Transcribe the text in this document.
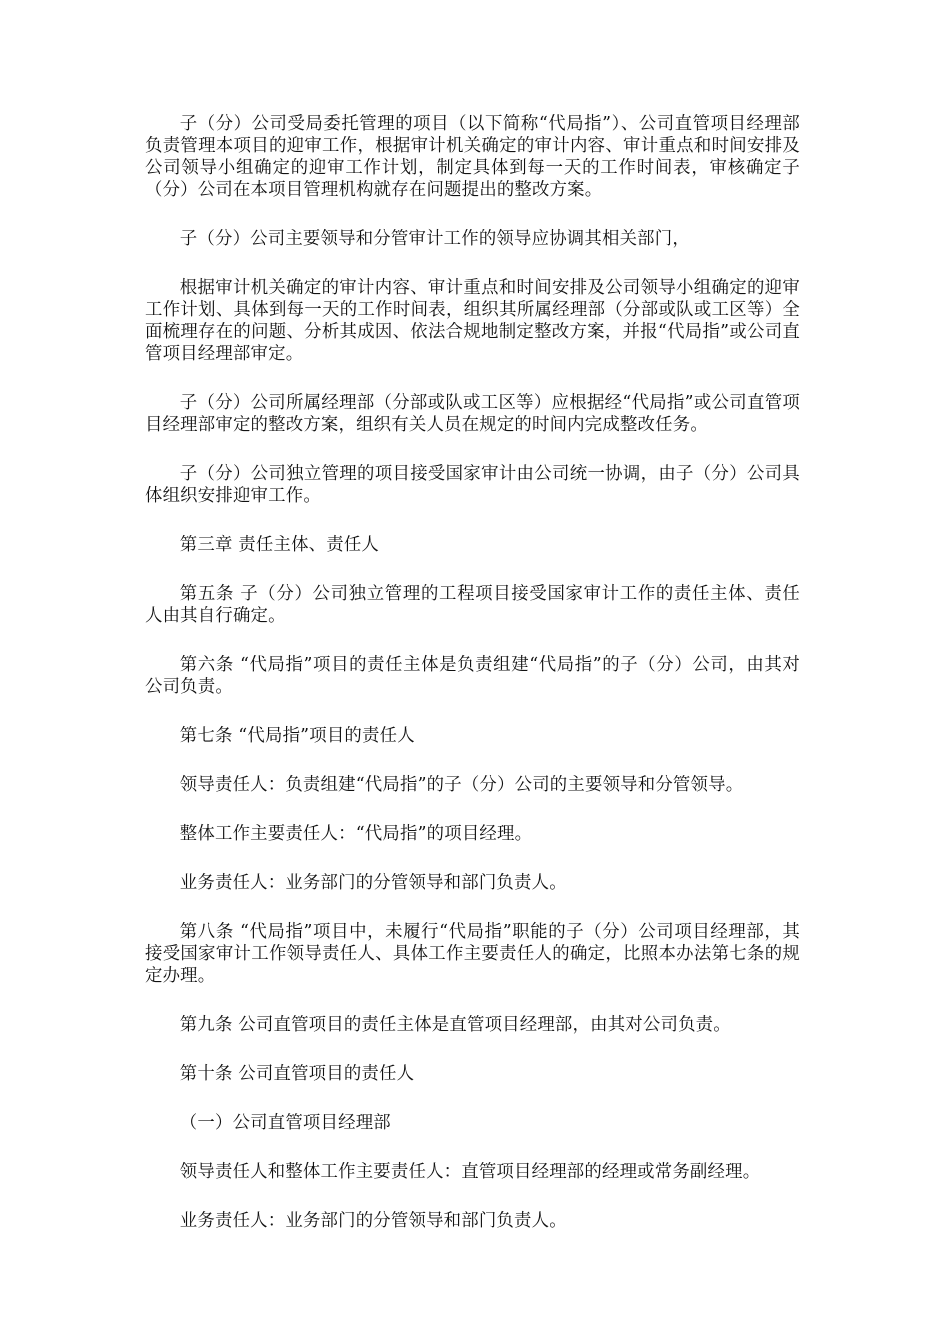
子（分）公司受局委托管理的项目（以下简称“代局指”）、公司直管项目经理部负责管理本项目的迎审工作，根据审计机关确定的审计内容、审计重点和时间安排及公司领导小组确定的迎审工作计划，制定具体到每一天的工作时间表，审核确定子（分）公司在本项目管理机构就存在问题提出的整改方案。

子（分）公司主要领导和分管审计工作的领导应协调其相关部门，

根据审计机关确定的审计内容、审计重点和时间安排及公司领导小组确定的迎审工作计划、具体到每一天的工作时间表，组织其所属经理部（分部或队或工区等）全面梳理存在的问题、分析其成因、依法合规地制定整改方案，并报“代局指”或公司直管项目经理部审定。

子（分）公司所属经理部（分部或队或工区等）应根据经“代局指”或公司直管项目经理部审定的整改方案，组织有关人员在规定的时间内完成整改任务。

子（分）公司独立管理的项目接受国家审计由公司统一协调，由子（分）公司具体组织安排迎审工作。

第三章 责任主体、责任人

第五条 子（分）公司独立管理的工程项目接受国家审计工作的责任主体、责任人由其自行确定。

第六条 “代局指”项目的责任主体是负责组建“代局指”的子（分）公司，由其对公司负责。

第七条 “代局指”项目的责任人

领导责任人：负责组建“代局指”的子（分）公司的主要领导和分管领导。

整体工作主要责任人：“代局指”的项目经理。

业务责任人：业务部门的分管领导和部门负责人。

第八条 “代局指”项目中，未履行“代局指”职能的子（分）公司项目经理部，其接受国家审计工作领导责任人、具体工作主要责任人的确定，比照本办法第七条的规定办理。

第九条 公司直管项目的责任主体是直管项目经理部，由其对公司负责。

第十条 公司直管项目的责任人

（一）公司直管项目经理部

领导责任人和整体工作主要责任人：直管项目经理部的经理或常务副经理。

业务责任人：业务部门的分管领导和部门负责人。
